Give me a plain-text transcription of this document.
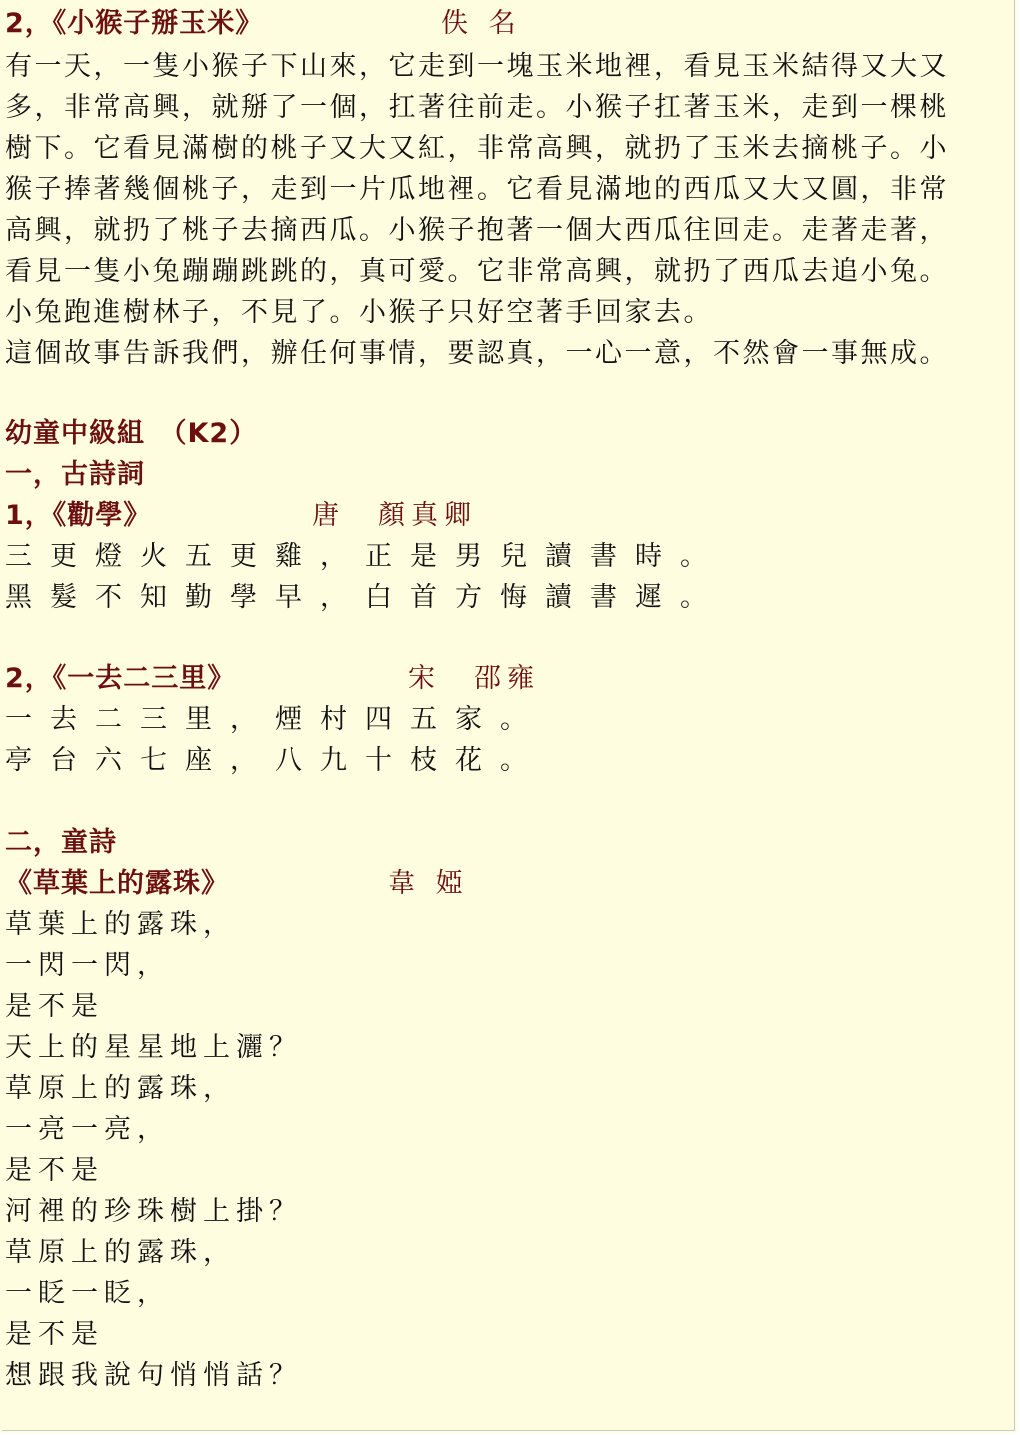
2，《小猴子掰玉米》	佚 名
有一天，一隻小猴子下山來，它走到一塊玉米地裡，看見玉米結得又大又
多，非常高興，就掰了一個，扛著往前走。小猴子扛著玉米，走到一棵桃
樹下。它看見滿樹的桃子又大又紅，非常高興，就扔了玉米去摘桃子。小
猴子捧著幾個桃子，走到一片瓜地裡。它看見滿地的西瓜又大又圓，非常
高興，就扔了桃子去摘西瓜。小猴子抱著一個大西瓜往回走。走著走著，
看見一隻小兔蹦蹦跳跳的，真可愛。它非常高興，就扔了西瓜去追小兔。
小兔跑進樹林子，不見了。小猴子只好空著手回家去。
這個故事告訴我們，辦任何事情，要認真，一心一意，不然會一事無成。
幼童中級組　（K2）
一，古詩詞
1，《勸學》	唐　顏真卿
三更燈火五更雞，正是男兒讀書時。
黑髮不知勤學早，白首方悔讀書遲。
2，《一去二三里》	宋　邵雍
一去二三里，煙村四五家。
亭台六七座，八九十枝花。
二，童詩
《草葉上的露珠》	韋 婭
草葉上的露珠，
一閃一閃，
是不是
天上的星星地上灑？
草原上的露珠，
一亮一亮，
是不是
河裡的珍珠樹上掛？
草原上的露珠，
一眨一眨，
是不是
想跟我說句悄悄話？
